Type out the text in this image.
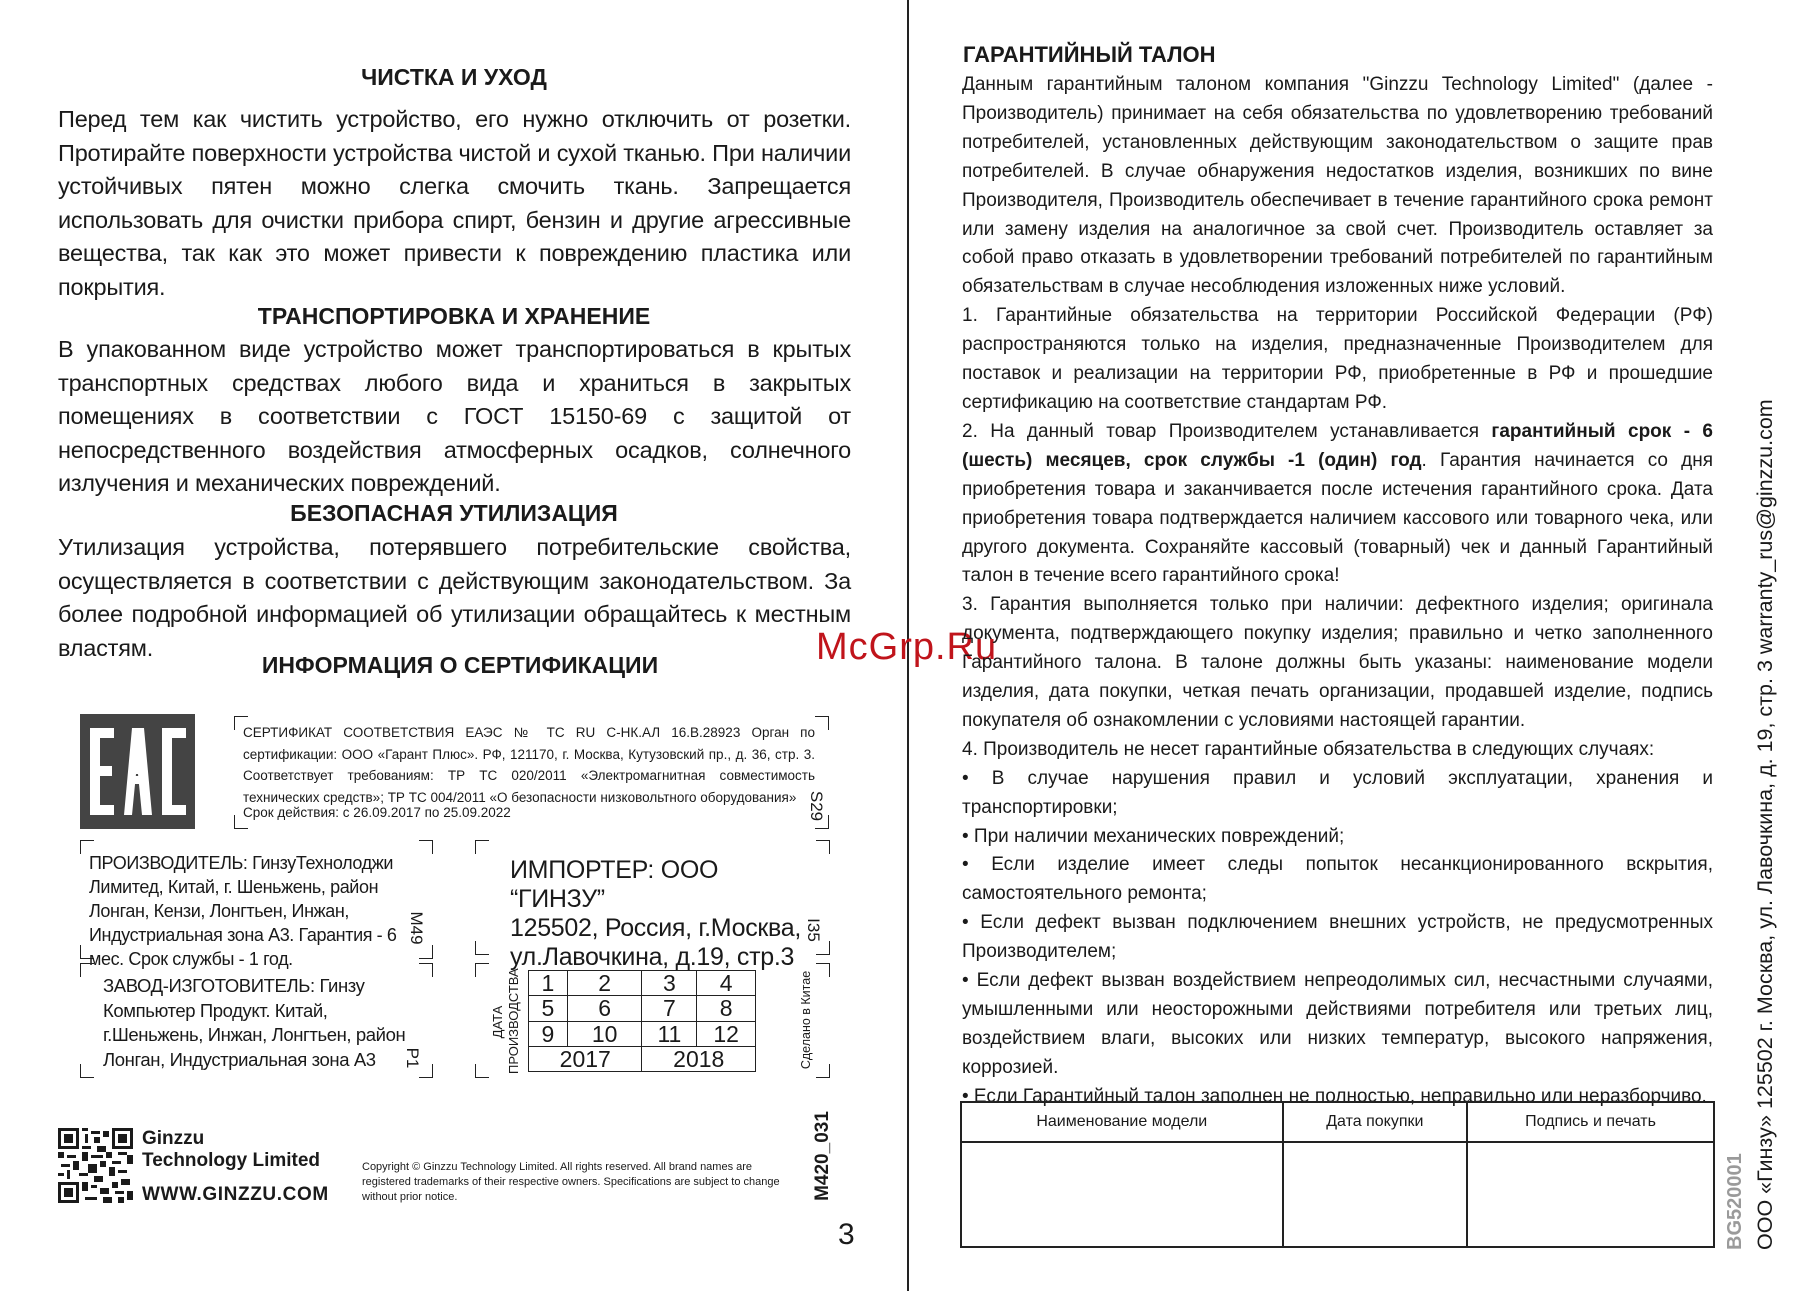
ЧИСТКА И УХОД
Перед тем как чистить устройство, его нужно отключить от розетки. Протирайте поверхности устройства чистой и сухой тканью. При наличии устойчивых пятен можно слегка смочить ткань. Запрещается использовать для очистки прибора спирт, бензин и другие агрессивные вещества, так как это может привести к повреждению пластика или покрытия.
ТРАНСПОРТИРОВКА И ХРАНЕНИЕ
В упакованном виде устройство может транспортироваться в крытых транспортных средствах любого вида и храниться в закрытых помещениях в соответствии с ГОСТ 15150-69 с защитой от непосредственного воздействия атмосферных осадков, солнечного излучения и механических повреждений.
БЕЗОПАСНАЯ УТИЛИЗАЦИЯ
Утилизация устройства, потерявшего потребительские свойства, осуществляется в соответствии с действующим законодательством. За более подробной информацией об утилизации обращайтесь к местным властям.
ИНФОРМАЦИЯ О СЕРТИФИКАЦИИ
СЕРТИФИКАТ СООТВЕТСТВИЯ ЕАЭС № ТС RU С-НК.АЛ 16.В.28923 Орган по сертификации: ООО «Гарант Плюс». РФ, 121170, г. Москва, Кутузовский пр., д. 36, стр. 3. Соответствует требованиям: ТР ТС 020/2011 «Электромагнитная совместимость технических средств»; ТР ТС 004/2011 «О безопасности низковольтного оборудования»
Срок действия: с 26.09.2017 по 25.09.2022	S29
ПРОИЗВОДИТЕЛЬ: ГинзуТехнолоджи Лимитед, Китай, г. Шеньжень, район Лонган, Кензи, Лонгтьен, Инжан, Индустриальная зона А3. Гарантия - 6 мес. Срок службы - 1 год.
M49
ЗАВОД-ИЗГОТОВИТЕЛЬ: Гинзу Компьютер Продукт. Китай, г.Шеньжень, Инжан, Лонгтьен, район Лонган, Индустриальная зона А3	P1
ИМПОРТЕР: ООО “ГИНЗУ”
125502, Россия, г.Москва,
ул.Лавочкина, д.19, стр.3
I35
ДАТА ПРОИЗВОДСТВА 1	2	3	4
5	6	7	8
9	10	11	12
2017		2018		Сделано в Китае
Ginzzu
Technology Limited
WWW.GINZZU.COM
Copyright © Ginzzu Technology Limited. All rights reserved. All brand names are registered trademarks of their respective owners. Specifications are subject to change without prior notice.	M420_031
3
McGrp.Ru
ГАРАНТИЙНЫЙ ТАЛОН
Данным гарантийным талоном компания "Ginzzu Technology Limited" (далее - Производитель) принимает на себя обязательства по удовлетворению требований потребителей, установленных действующим законодательством о защите прав потребителей. В случае обнаружения недостатков изделия, возникших по вине Производителя, Производитель обеспечивает в течение гарантийного срока ремонт или замену изделия на аналогичное за свой счет. Производитель оставляет за собой право отказать в удовлетворении требований потребителей по гарантийным обязательствам в случае несоблюдения изложенных ниже условий.
1. Гарантийные обязательства на территории Российской Федерации (РФ) распространяются только на изделия, предназначенные Производителем для поставок и реализации на территории РФ, приобретенные в РФ и прошедшие сертификацию на соответствие стандартам РФ.
2. На данный товар Производителем устанавливается гарантийный срок - 6 (шесть) месяцев, срок службы -1 (один) год. Гарантия начинается со дня приобретения товара и заканчивается после истечения гарантийного срока. Дата приобретения товара подтверждается наличием кассового или товарного чека, или другого документа. Сохраняйте кассовый (товарный) чек и данный Гарантийный талон в течение всего гарантийного срока!
3. Гарантия выполняется только при наличии: дефектного изделия; оригинала документа, подтверждающего покупку изделия; правильно и четко заполненного Гарантийного талона. В талоне должны быть указаны: наименование модели изделия, дата покупки, четкая печать организации, продавшей изделие, подпись покупателя об ознакомлении с условиями настоящей гарантии.
4. Производитель не несет гарантийные обязательства в следующих случаях:
• В случае нарушения правил и условий эксплуатации, хранения и транспортировки;
• При наличии механических повреждений;
• Если изделие имеет следы попыток несанкционированного вскрытия, самостоятельного ремонта;
• Если дефект вызван подключением внешних устройств, не предусмотренных Производителем;
• Если дефект вызван воздействием непреодолимых сил, несчастными случаями, умышленными или неосторожными действиями потребителя или третьих лиц, воздействием влаги, высоких или низких температур, высокого напряжения, коррозией.
• Если Гарантийный талон заполнен не полностью, неправильно или неразборчиво.
Наименование модели	Дата покупки	Подпись и печать
			ООО «Гинзу» 125502 г. Москва, ул. Лавочкина, д. 19, стр. 3 warranty_rus@ginzzu.com
BG520001
